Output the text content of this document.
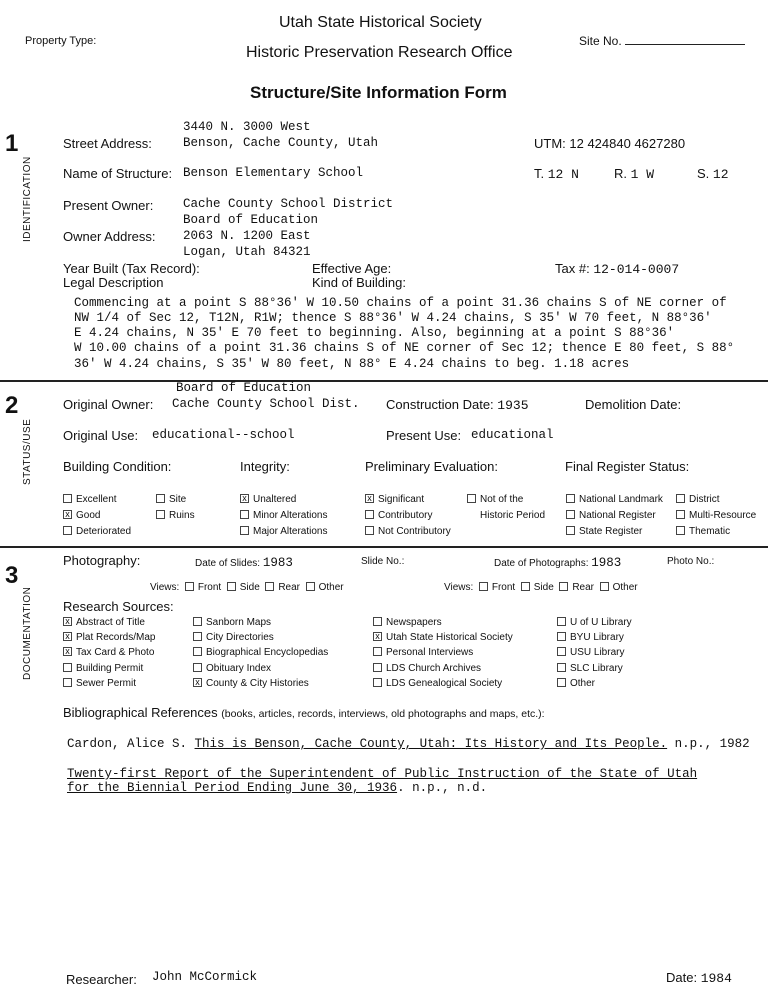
Utah State Historical Society
Property Type:	Site No.
Historic Preservation Research Office
Structure/Site Information Form
1
IDENTIFICATION
3440 N. 3000 West
Street Address: Benson, Cache County, Utah	UTM: 12 424840 4627280
Name of Structure: Benson Elementary School	T. 12 N	R. 1 W	S. 12
Present Owner: Cache County School District
Board of Education
Owner Address: 2063 N. 1200 East
Logan, Utah 84321
Year Built (Tax Record):	Effective Age:	Tax #: 12-014-0007
Legal Description	Kind of Building:
Commencing at a point S 88°36' W 10.50 chains of a point 31.36 chains S of NE corner of
NW 1/4 of Sec 12, T12N, R1W; thence S 88°36' W 4.24 chains, S 35' W 70 feet, N 88°36'
E 4.24 chains, N 35' E 70 feet to beginning. Also, beginning at a point S 88°36'
W 10.00 chains of a point 31.36 chains S of NE corner of Sec 12; thence E 80 feet, S 88°
36' W 4.24 chains, S 35' W 80 feet, N 88° E 4.24 chains to beg. 1.18 acres
2
STATUS/USE
Board of Education
Original Owner: Cache County School Dist. Construction Date: 1935	Demolition Date:
Original Use: educational--school	Present Use: educational
Building Condition:	Integrity:	Preliminary Evaluation:	Final Register Status:
Excellent
x Good
Deteriorated
Site
Ruins
x Unaltered
Minor Alterations
Major Alterations
x Significant
Contributory
Not Contributory
Not of the
Historic Period
National Landmark
National Register
State Register
District
Multi-Resource
Thematic
3
DOCUMENTATION
Photography:	Date of Slides: 1983	Slide No.:	Date of Photographs: 1983	Photo No.:
Views: Front Side Rear Other	Views: Front Side Rear Other
Research Sources:
x Abstract of Title
x Plat Records/Map
x Tax Card & Photo
Building Permit
Sewer Permit
Sanborn Maps
City Directories
Biographical Encyclopedias
Obituary Index
x County & City Histories
Newspapers
x Utah State Historical Society
Personal Interviews
LDS Church Archives
LDS Genealogical Society
U of U Library
BYU Library
USU Library
SLC Library
Other
Bibliographical References (books, articles, records, interviews, old photographs and maps, etc.):
Cardon, Alice S. This is Benson, Cache County, Utah: Its History and Its People. n.p., 1982
Twenty-first Report of the Superintendent of Public Instruction of the State of Utah
for the Biennial Period Ending June 30, 1936. n.p., n.d.
Researcher: John McCormick	Date: 1984
